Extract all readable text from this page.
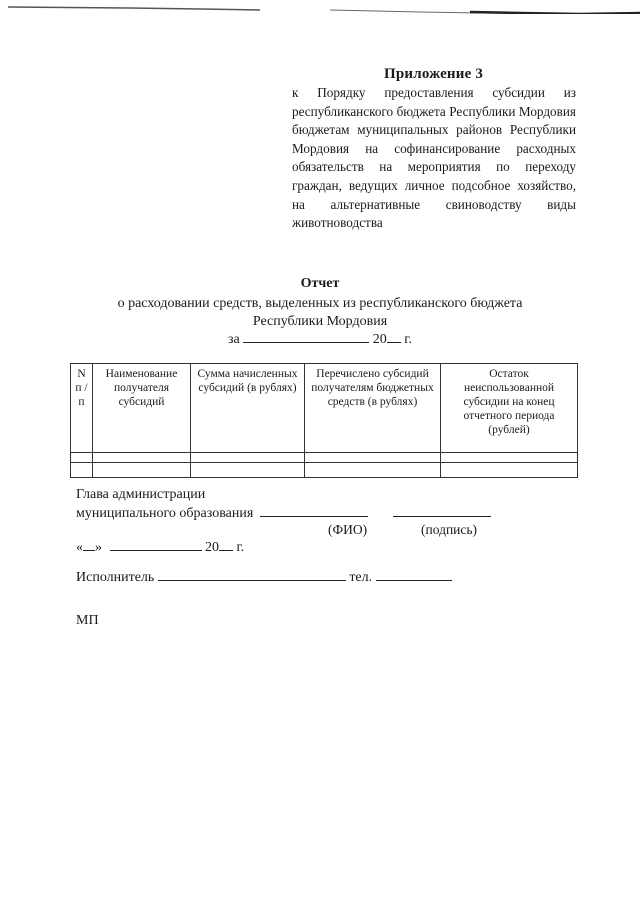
Приложение 3
к Порядку предоставления субсидии из республиканского бюджета Республики Мордовия бюджетам муниципальных районов Республики Мордовия на софинансирование расходных обязательств на мероприятия по переходу граждан, ведущих личное подсобное хозяйство, на альтернативные свиноводству виды животноводства
Отчет
о расходовании средств, выделенных из республиканского бюджета
Республики Мордовия
за	20 г.
N п / п	Наименование получателя субсидий	Сумма начисленных субсидий (в рублях)	Перечислено субсидий получателям бюджетных средств (в рублях)	Остаток неиспользованной субсидии на конец отчетного периода (рублей)

Глава администрации
муниципального образования
(ФИО)	(подпись)
« »	20 г.
Исполнитель	тел.
МП
